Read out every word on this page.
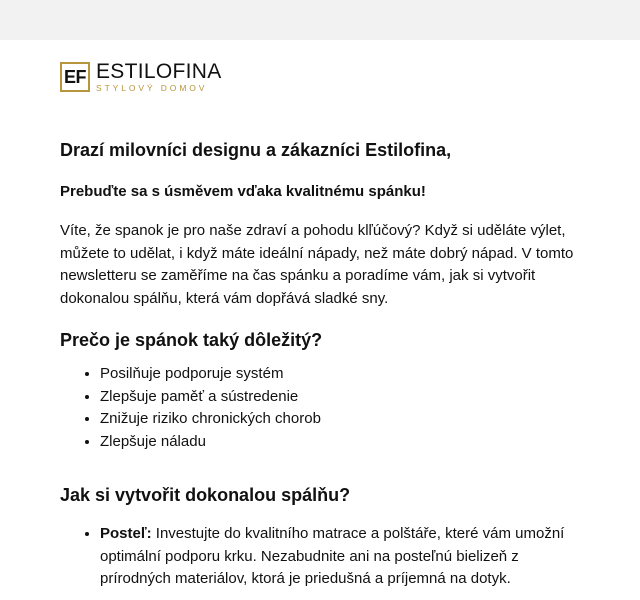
EF ESTILOFINA
STYLOVÝ DOMOV
Drazí milovníci designu a zákazníci Estilofina,

Prebuďte sa s úsměvem vďaka kvalitnému spánku!

Víte, že spanok je pro naše zdraví a pohodu klľúčový? Když si uděláte výlet, můžete to udělat, i když máte ideální nápady, než máte dobrý nápad. V tomto newsletteru se zaměříme na čas spánku a poradíme vám, jak si vytvořit dokonalou spálňu, která vám dopřává sladké sny.

Prečo je spánok taký dôležitý?
• Posilňuje podporuje systém
• Zlepšuje paměť a sústredenie
• Znižuje riziko chronických chorob
• Zlepšuje náladu
Jak si vytvořit dokonalou spálňu?
• Posteľ: Investujte do kvalitního matrace a polštáře, které vám umožní optimální podporu krku. Nezabudnite ani na posteľnú bielizeň z prírodných materiálov, ktorá je priedušná a príjemná na dotyk.
